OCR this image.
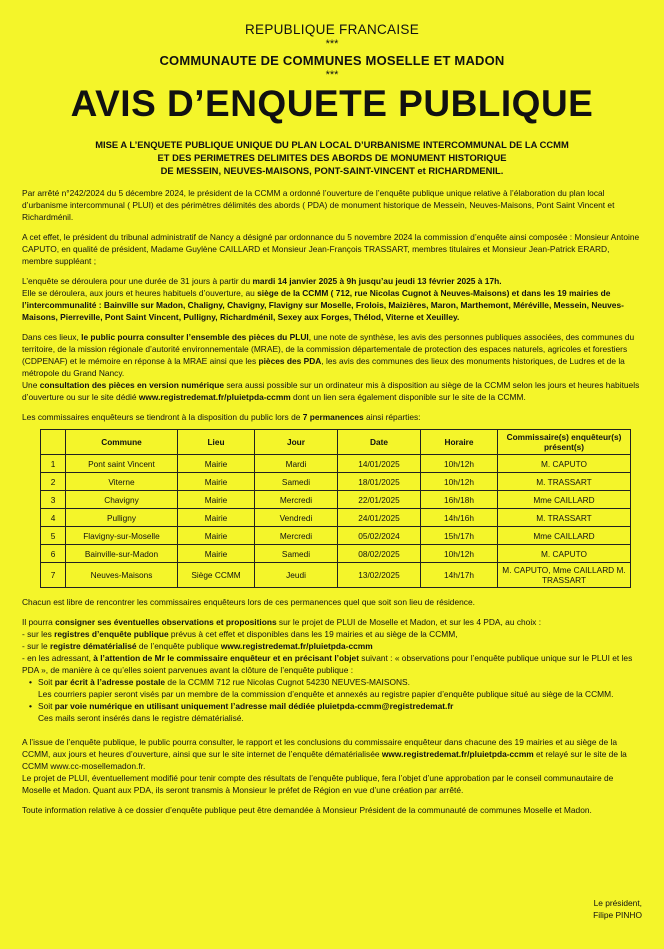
REPUBLIQUE FRANCAISE
***
COMMUNAUTE DE COMMUNES MOSELLE ET MADON
***
AVIS D’ENQUETE PUBLIQUE
MISE A L’ENQUETE PUBLIQUE UNIQUE DU PLAN LOCAL D’URBANISME INTERCOMMUNAL DE LA CCMM
ET DES PERIMETRES DELIMITES DES ABORDS DE MONUMENT HISTORIQUE
DE MESSEIN, NEUVES-MAISONS, PONT-SAINT-VINCENT et RICHARDMENIL.

Par arrêté n°242/2024 du 5 décembre 2024, le président de la CCMM a ordonné l’ouverture de l’enquête publique unique relative à l’élaboration du plan local d’urbanisme intercommunal ( PLUI) et des périmètres délimités des abords ( PDA) de monument historique de Messein, Neuves-Maisons, Pont Saint Vincent et Richardménil.

A cet effet, le président du tribunal administratif de Nancy a désigné par ordonnance du 5 novembre 2024 la commission d’enquête ainsi composée : Monsieur Antoine CAPUTO, en qualité de président, Madame Guylène CAILLARD et Monsieur Jean-François TRASSART, membres titulaires et Monsieur Jean-Patrick ERARD, membre suppléant ;

L’enquête se déroulera pour une durée de 31 jours à partir du mardi 14 janvier 2025 à 9h jusqu’au jeudi 13 février 2025 à 17h.
Elle se déroulera, aux jours et heures habituels d’ouverture, au siège de la CCMM ( 712, rue Nicolas Cugnot à Neuves-Maisons) et dans les 19 mairies de l’intercommunalité : Bainville sur Madon, Chaligny, Chavigny, Flavigny sur Moselle, Frolois, Maizières, Maron, Marthemont, Méréville, Messein, Neuves-Maisons, Pierreville, Pont Saint Vincent, Pulligny, Richardménil, Sexey aux Forges, Thélod, Viterne et Xeuilley.

Dans ces lieux, le public pourra consulter l’ensemble des pièces du PLUI, une note de synthèse, les avis des personnes publiques associées, des communes du territoire, de la mission régionale d’autorité environnementale (MRAE), de la commission départementale de protection des espaces naturels, agricoles et forestiers (CDPENAF) et le mémoire en réponse à la MRAE ainsi que les pièces des PDA, les avis des communes des lieux des monuments historiques, de Ludres et de la métropole du Grand Nancy.
Une consultation des pièces en version numérique sera aussi possible sur un ordinateur mis à disposition au siège de la CCMM selon les jours et heures habituels d’ouverture ou sur le site dédié www.registredemat.fr/pluietpda-ccmm dont un lien sera également disponible sur le site de la CCMM.

Les commissaires enquêteurs se tiendront à la disposition du public lors de 7 permanences ainsi réparties:

	Commune	Lieu	Jour	Date	Horaire	Commissaire(s) enquêteur(s) présent(s)
1	Pont saint Vincent	Mairie	Mardi	14/01/2025	10h/12h	M. CAPUTO
2	Viterne	Mairie	Samedi	18/01/2025	10h/12h	M. TRASSART
3	Chavigny	Mairie	Mercredi	22/01/2025	16h/18h	Mme CAILLARD
4	Pulligny	Mairie	Vendredi	24/01/2025	14h/16h	M. TRASSART
5	Flavigny-sur-Moselle	Mairie	Mercredi	05/02/2024	15h/17h	Mme CAILLARD
6	Bainville-sur-Madon	Mairie	Samedi	08/02/2025	10h/12h	M. CAPUTO
7	Neuves-Maisons	Siège CCMM	Jeudi	13/02/2025	14h/17h	M. CAPUTO, Mme CAILLARD M. TRASSART

Chacun est libre de rencontrer les commissaires enquêteurs lors de ces permanences quel que soit son lieu de résidence.

Il pourra consigner ses éventuelles observations et propositions sur le projet de PLUI de Moselle et Madon, et sur les 4 PDA, au choix :

- sur les registres d’enquête publique prévus à cet effet et disponibles dans les 19 mairies et au siège de la CCMM,
- sur le registre dématérialisé de l’enquête publique www.registredemat.fr/pluietpda-ccmm
- en les adressant, à l’attention de Mr le commissaire enquêteur et en précisant l’objet suivant : « observations pour l’enquête publique unique sur le PLUI et les PDA », de manière à ce qu’elles soient parvenues avant la clôture de l’enquête publique :
• Soit par écrit à l’adresse postale de la CCMM 712 rue Nicolas Cugnot 54230 NEUVES-MAISONS.
Les courriers papier seront visés par un membre de la commission d’enquête et annexés au registre papier d’enquête publique situé au siège de la CCMM.
• Soit par voie numérique en utilisant uniquement l’adresse mail dédiée pluietpda-ccmm@registredemat.fr
Ces mails seront insérés dans le registre dématérialisé.

A l’issue de l’enquête publique, le public pourra consulter, le rapport et les conclusions du commissaire enquêteur dans chacune des 19 mairies et au siège de la CCMM, aux jours et heures d’ouverture, ainsi que sur le site internet de l’enquête dématérialisée www.registredemat.fr/pluietpda-ccmm et relayé sur le site de la CCMM www.cc-mosellemadon.fr.

Le projet de PLUI, éventuellement modifié pour tenir compte des résultats de l’enquête publique, fera l’objet d’une approbation par le conseil communautaire de Moselle et Madon. Quant aux PDA, ils seront transmis à Monsieur le préfet de Région en vue d’une création par arrêté.

Toute information relative à ce dossier d’enquête publique peut être demandée à Monsieur Président de la communauté de communes Moselle et Madon.

Le président,
Filipe PINHO
